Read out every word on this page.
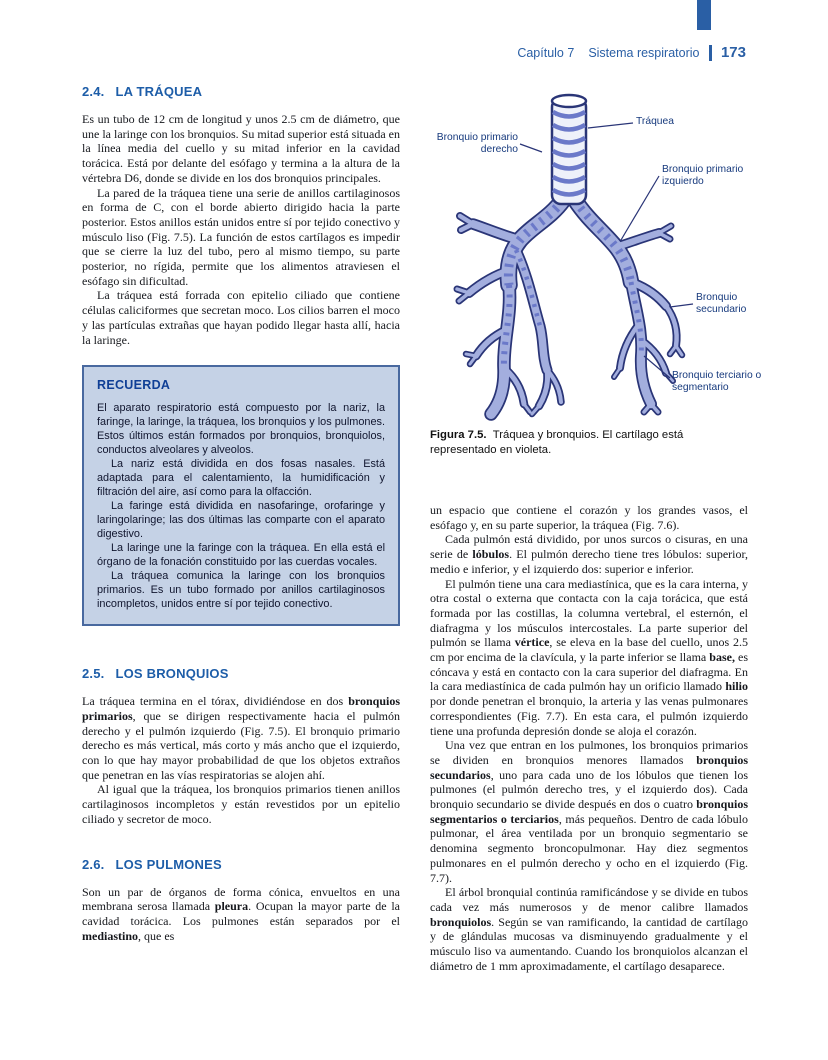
Capítulo 7 Sistema respiratorio 173
2.4. LA TRÁQUEA

Es un tubo de 12 cm de longitud y unos 2.5 cm de diámetro, que une la laringe con los bronquios. Su mitad superior está situada en la línea media del cuello y su mitad inferior en la cavidad torácica. Está por delante del esófago y termina a la altura de la vértebra D6, donde se divide en los dos bronquios principales.

La pared de la tráquea tiene una serie de anillos cartilaginosos en forma de C, con el borde abierto dirigido hacia la parte posterior. Estos anillos están unidos entre sí por tejido conectivo y músculo liso (Fig. 7.5). La función de estos cartílagos es impedir que se cierre la luz del tubo, pero al mismo tiempo, su parte posterior, no rígida, permite que los alimentos atraviesen el esófago sin dificultad.

La tráquea está forrada con epitelio ciliado que contiene células caliciformes que secretan moco. Los cilios barren el moco y las partículas extrañas que hayan podido llegar hasta allí, hacia la laringe.

RECUERDA

El aparato respiratorio está compuesto por la nariz, la faringe, la laringe, la tráquea, los bronquios y los pulmones. Estos últimos están formados por bronquios, bronquiolos, conductos alveolares y alveolos.

La nariz está dividida en dos fosas nasales. Está adaptada para el calentamiento, la humidificación y filtración del aire, así como para la olfacción.

La faringe está dividida en nasofaringe, orofaringe y laringolaringe; las dos últimas las comparte con el aparato digestivo.

La laringe une la faringe con la tráquea. En ella está el órgano de la fonación constituido por las cuerdas vocales.

La tráquea comunica la laringe con los bronquios primarios. Es un tubo formado por anillos cartilaginosos incompletos, unidos entre sí por tejido conectivo.

2.5. LOS BRONQUIOS

La tráquea termina en el tórax, dividiéndose en dos bronquios primarios, que se dirigen respectivamente hacia el pulmón derecho y el pulmón izquierdo (Fig. 7.5). El bronquio primario derecho es más vertical, más corto y más ancho que el izquierdo, con lo que hay mayor probabilidad de que los objetos extraños que penetran en las vías respiratorias se alojen ahí.

Al igual que la tráquea, los bronquios primarios tienen anillos cartilaginosos incompletos y están revestidos por un epitelio ciliado y secretor de moco.

2.6. LOS PULMONES

Son un par de órganos de forma cónica, envueltos en una membrana serosa llamada pleura. Ocupan la mayor parte de la cavidad torácica. Los pulmones están separados por el mediastino, que es

Bronquio primario derecho
Tráquea
Bronquio primario izquierdo
Bronquio secundario
Bronquio terciario o segmentario
Figura 7.5. Tráquea y bronquios. El cartílago está representado en violeta.

un espacio que contiene el corazón y los grandes vasos, el esófago y, en su parte superior, la tráquea (Fig. 7.6).

Cada pulmón está dividido, por unos surcos o cisuras, en una serie de lóbulos. El pulmón derecho tiene tres lóbulos: superior, medio e inferior, y el izquierdo dos: superior e inferior.

El pulmón tiene una cara mediastínica, que es la cara interna, y otra costal o externa que contacta con la caja torácica, que está formada por las costillas, la columna vertebral, el esternón, el diafragma y los músculos intercostales. La parte superior del pulmón se llama vértice, se eleva en la base del cuello, unos 2.5 cm por encima de la clavícula, y la parte inferior se llama base, es cóncava y está en contacto con la cara superior del diafragma. En la cara mediastínica de cada pulmón hay un orificio llamado hilio por donde penetran el bronquio, la arteria y las venas pulmonares correspondientes (Fig. 7.7). En esta cara, el pulmón izquierdo tiene una profunda depresión donde se aloja el corazón.

Una vez que entran en los pulmones, los bronquios primarios se dividen en bronquios menores llamados bronquios secundarios, uno para cada uno de los lóbulos que tienen los pulmones (el pulmón derecho tres, y el izquierdo dos). Cada bronquio secundario se divide después en dos o cuatro bronquios segmentarios o terciarios, más pequeños. Dentro de cada lóbulo pulmonar, el área ventilada por un bronquio segmentario se denomina segmento broncopulmonar. Hay diez segmentos pulmonares en el pulmón derecho y ocho en el izquierdo (Fig. 7.7).

El árbol bronquial continúa ramificándose y se divide en tubos cada vez más numerosos y de menor calibre llamados bronquiolos. Según se van ramificando, la cantidad de cartílago y de glándulas mucosas va disminuyendo gradualmente y el músculo liso va aumentando. Cuando los bronquiolos alcanzan el diámetro de 1 mm aproximadamente, el cartílago desaparece.
